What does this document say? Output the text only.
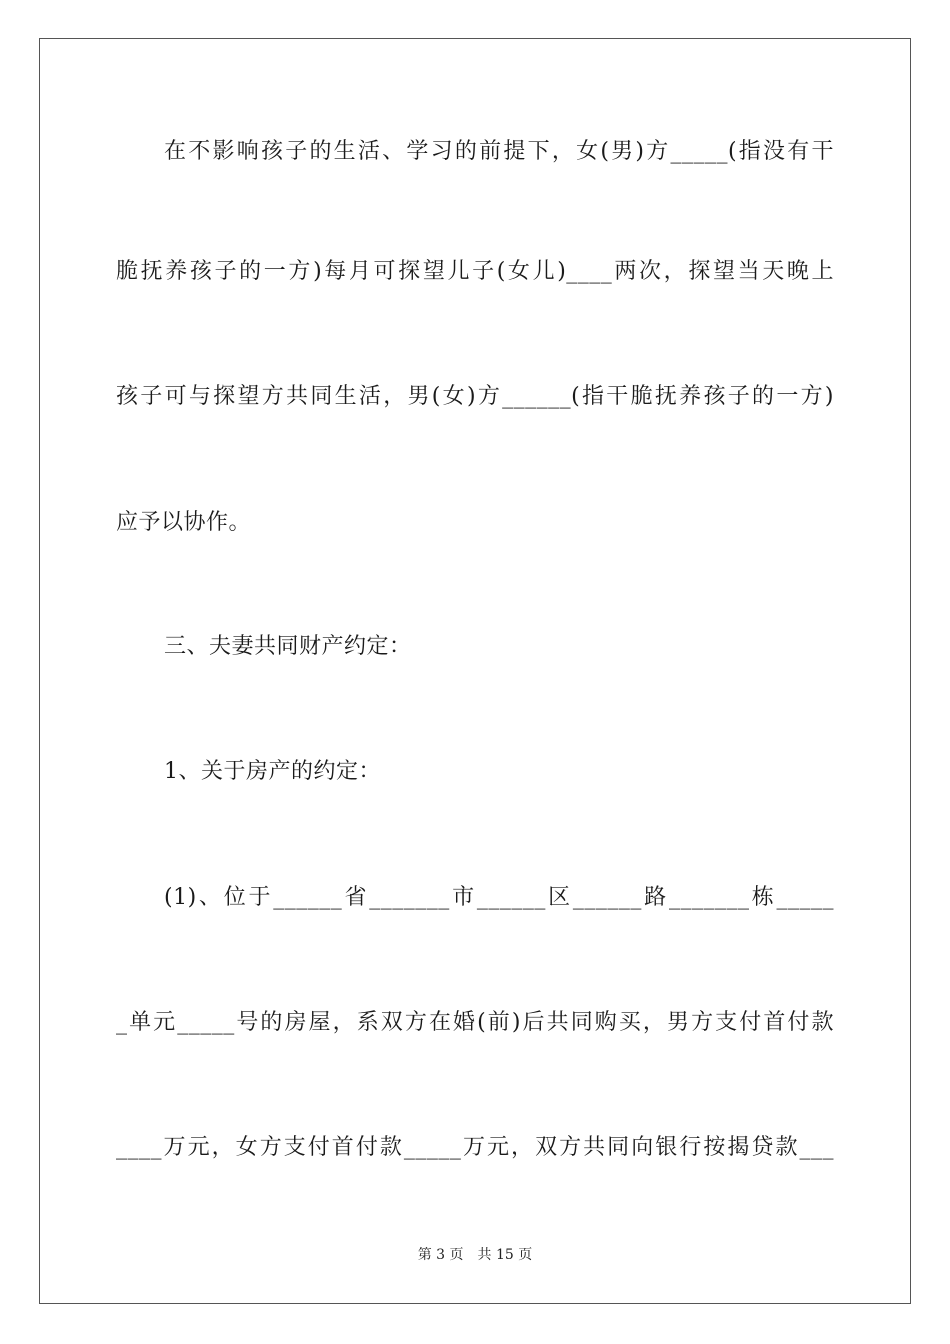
在不影响孩子的生活、学习的前提下，女(男)方_____(指没有干
脆抚养孩子的一方)每月可探望儿子(女儿)____两次，探望当天晚上
孩子可与探望方共同生活，男(女)方______(指干脆抚养孩子的一方)
应予以协作。
三、夫妻共同财产约定：
1、关于房产的约定：
(1)、位于______省_______市______区______路_______栋_____
_单元_____号的房屋，系双方在婚(前)后共同购买，男方支付首付款
____万元，女方支付首付款_____万元，双方共同向银行按揭贷款___
第 3 页 共 15 页
